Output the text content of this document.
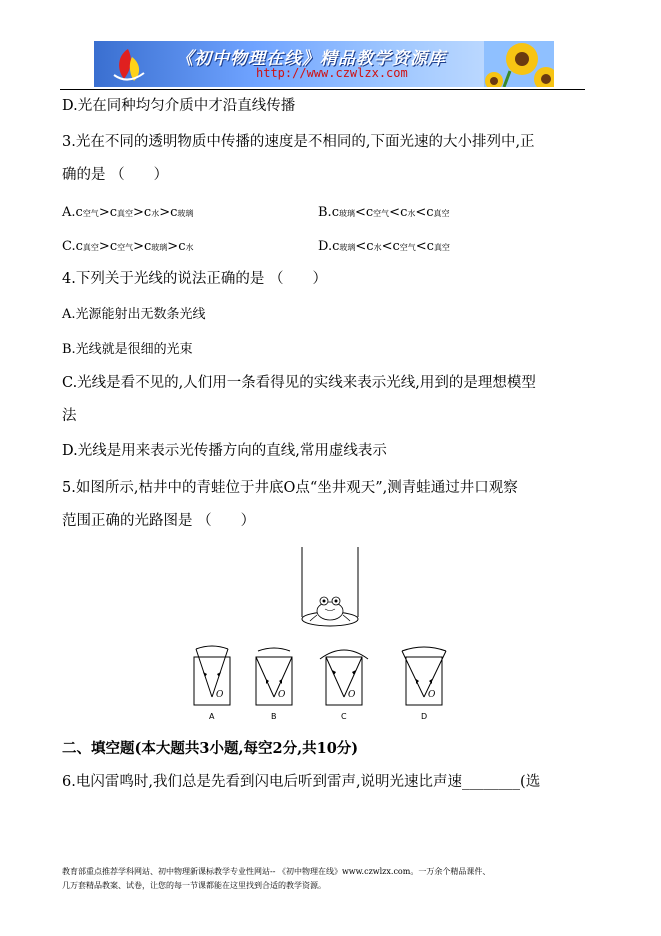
《初中物理在线》精品教学资源库
http://www.czwlzx.com
D.光在同种均匀介质中才沿直线传播
3.光在不同的透明物质中传播的速度是不相同的,下面光速的大小排列中,正
确的是 （　　）
A.c空气>c真空>c水>c玻璃	B.c玻璃<c空气<c水<c真空
C.c真空>c空气>c玻璃>c水	D.c玻璃<c水<c空气<c真空
4.下列关于光线的说法正确的是 （　　）
A.光源能射出无数条光线
B.光线就是很细的光束
C.光线是看不见的,人们用一条看得见的实线来表示光线,用到的是理想模型
法
D.光线是用来表示光传播方向的直线,常用虚线表示
5.如图所示,枯井中的青蛙位于井底O点“坐井观天”,测青蛙通过井口观察
范围正确的光路图是 （　　）
O	O	O	O
A	B	C	D
二、填空题(本大题共3小题,每空2分,共10分)
6.电闪雷鸣时,我们总是先看到闪电后听到雷声,说明光速比声速________(选
教育部重点推荐学科网站、初中物理新课标教学专业性网站-- 《初中物理在线》www.czwlzx.com。一万余个精品课件、
几万套精品教案、试卷，让您的每一节课都能在这里找到合适的教学资源。
